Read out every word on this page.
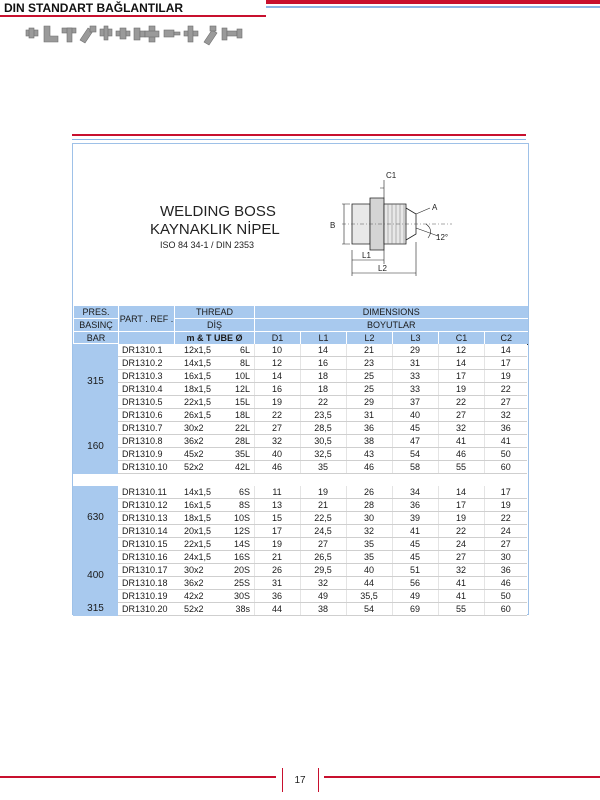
DIN STANDART BAĞLANTILAR
WELDING BOSS
KAYNAKLIK NİPEL
ISO 84 34-1 / DIN 2353
C1
B
A
12°
L1
L2
PRES.	PART . REF .	THREAD	DIMENSIONS					
BASINÇ		DİŞ	BOYUTLAR					
BAR		m & T UBE Ø	D1	L1	L2	L3	C1	C2
315	DR1310.1	12x1,5 6L	10	14	21	29	12	14
	DR1310.2	14x1,5 8L	12	16	23	31	14	17
	DR1310.3	16x1,5 10L	14	18	25	33	17	19
	DR1310.4	18x1,5 12L	16	18	25	33	19	22
	DR1310.5	22x1,5 15L	19	22	29	37	22	27
	DR1310.6	26x1,5 18L	22	23,5	31	40	27	32
160	DR1310.7	30x2 22L	27	28,5	36	45	32	36
	DR1310.8	36x2 28L	32	30,5	38	47	41	41
	DR1310.9	45x2 35L	40	32,5	43	54	46	50
	DR1310.10	52x2 42L	46	35	46	58	55	60
630	DR1310.11	14x1,5 6S	11	19	26	34	14	17
	DR1310.12	16x1,5 8S	13	21	28	36	17	19
	DR1310.13	18x1,5 10S	15	22,5	30	39	19	22
	DR1310.14	20x1,5 12S	17	24,5	32	41	22	24
	DR1310.15	22x1,5 14S	19	27	35	45	24	27
400	DR1310.16	24x1,5 16S	21	26,5	35	45	27	30
	DR1310.17	30x2 20S	26	29,5	40	51	32	36
	DR1310.18	36x2 25S	31	32	44	56	41	46
	DR1310.19	42x2 30S	36	49	35,5	49	41	50
315	DR1310.20	52x2 38s	44	38	54	69	55	60
17
